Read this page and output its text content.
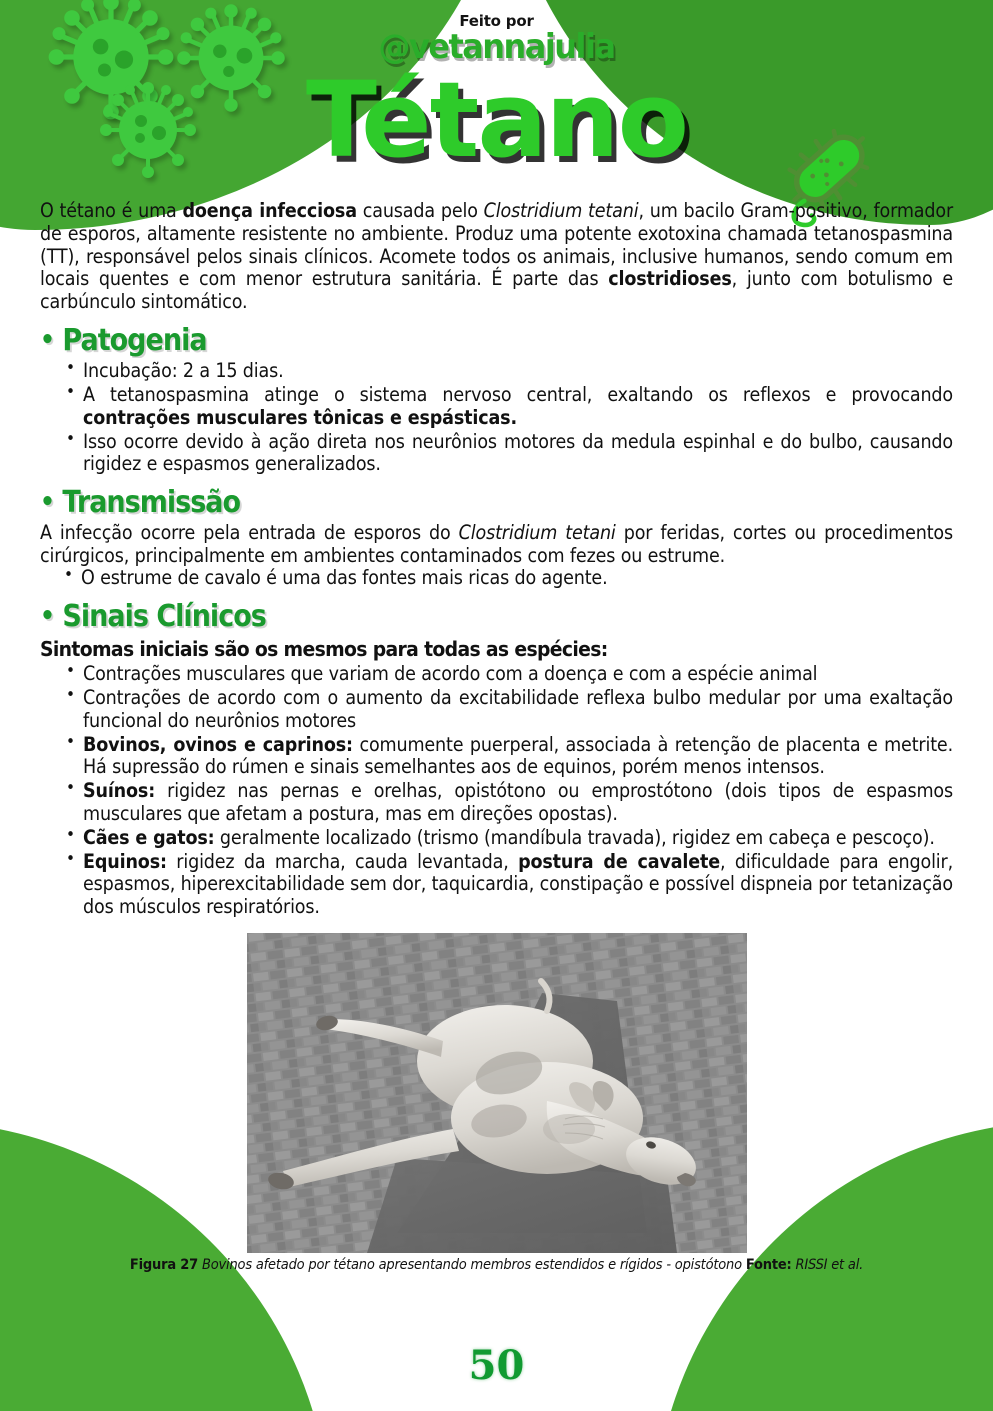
Feito por
@vetannajulia
Tétano

O tétano é uma doença infecciosa causada pelo Clostridium tetani, um bacilo Gram-positivo, formador de esporos, altamente resistente no ambiente. Produz uma potente exotoxina chamada tetanospasmina (TT), responsável pelos sinais clínicos. Acomete todos os animais, inclusive humanos, sendo comum em locais quentes e com menor estrutura sanitária. É parte das clostridioses, junto com botulismo e carbúnculo sintomático.

• Patogenia
• Incubação: 2 a 15 dias.
• A tetanospasmina atinge o sistema nervoso central, exaltando os reflexos e provocando contrações musculares tônicas e espásticas.
• Isso ocorre devido à ação direta nos neurônios motores da medula espinhal e do bulbo, causando rigidez e espasmos generalizados.
• Transmissão

A infecção ocorre pela entrada de esporos do Clostridium tetani por feridas, cortes ou procedimentos cirúrgicos, principalmente em ambientes contaminados com fezes ou estrume.

• O estrume de cavalo é uma das fontes mais ricas do agente.
• Sinais Clínicos
Sintomas iniciais são os mesmos para todas as espécies:
• Contrações musculares que variam de acordo com a doença e com a espécie animal
• Contrações de acordo com o aumento da excitabilidade reflexa bulbo medular por uma exaltação funcional do neurônios motores
• Bovinos, ovinos e caprinos: comumente puerperal, associada à retenção de placenta e metrite. Há supressão do rúmen e sinais semelhantes aos de equinos, porém menos intensos.
• Suínos: rigidez nas pernas e orelhas, opistótono ou emprostótono (dois tipos de espasmos musculares que afetam a postura, mas em direções opostas).
• Cães e gatos: geralmente localizado (trismo (mandíbula travada), rigidez em cabeça e pescoço).
• Equinos: rigidez da marcha, cauda levantada, postura de cavalete, dificuldade para engolir, espasmos, hiperexcitabilidade sem dor, taquicardia, constipação e possível dispneia por tetanização dos músculos respiratórios.
Figura 27 Bovinos afetado por tétano apresentando membros estendidos e rígidos - opistótono Fonte: RISSI et al.
50
